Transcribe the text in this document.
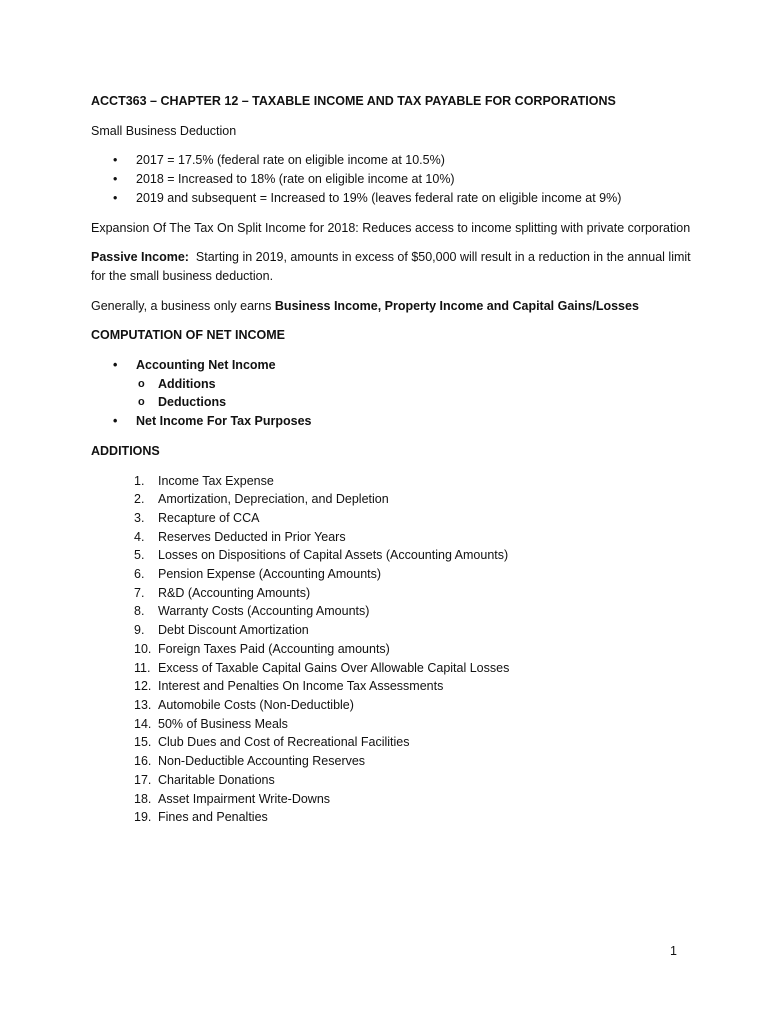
ACCT363 – CHAPTER 12 – TAXABLE INCOME AND TAX PAYABLE FOR CORPORATIONS

Small Business Deduction

• 2017 = 17.5% (federal rate on eligible income at 10.5%)
• 2018 = Increased to 18% (rate on eligible income at 10%)
• 2019 and subsequent = Increased to 19% (leaves federal rate on eligible income at 9%)

Expansion Of The Tax On Split Income for 2018: Reduces access to income splitting with private corporation

Passive Income:  Starting in 2019, amounts in excess of $50,000 will result in a reduction in the annual limit for the small business deduction.

Generally, a business only earns Business Income, Property Income and Capital Gains/Losses

COMPUTATION OF NET INCOME

• Accounting Net Income
o Additions
o Deductions
• Net Income For Tax Purposes

ADDITIONS

1. Income Tax Expense
2. Amortization, Depreciation, and Depletion
3. Recapture of CCA
4. Reserves Deducted in Prior Years
5. Losses on Dispositions of Capital Assets (Accounting Amounts)
6. Pension Expense (Accounting Amounts)
7. R&D (Accounting Amounts)
8. Warranty Costs (Accounting Amounts)
9. Debt Discount Amortization
10. Foreign Taxes Paid (Accounting amounts)
11. Excess of Taxable Capital Gains Over Allowable Capital Losses
12. Interest and Penalties On Income Tax Assessments
13. Automobile Costs (Non-Deductible)
14. 50% of Business Meals
15. Club Dues and Cost of Recreational Facilities
16. Non-Deductible Accounting Reserves
17. Charitable Donations
18. Asset Impairment Write-Downs
19. Fines and Penalties
1
